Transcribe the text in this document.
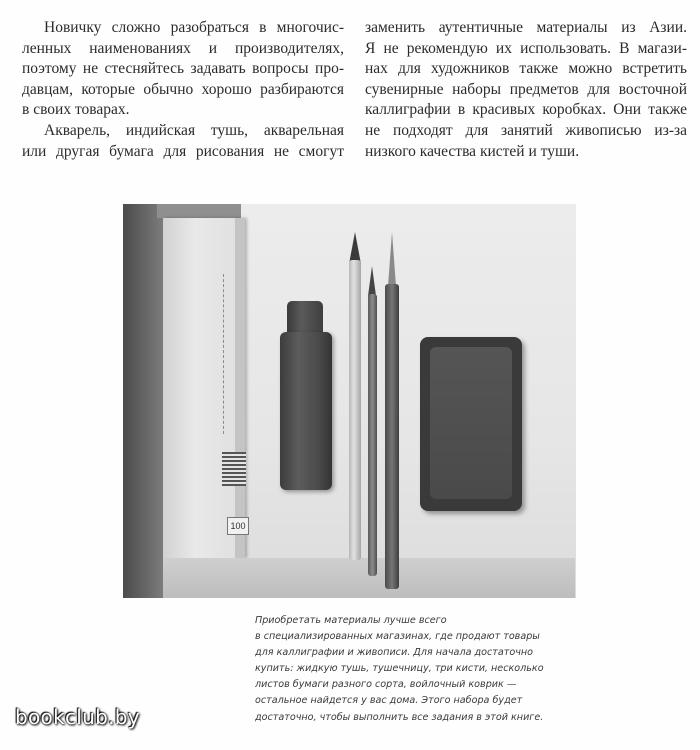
Новичку сложно разобраться в многочис-
ленных наименованиях и производителях,
поэтому не стесняйтесь задавать вопросы про-
давцам, которые обычно хорошо разбираются
в своих товарах.
Акварель, индийская тушь, акварельная
или другая бумага для рисования не смогут
заменить аутентичные материалы из Азии.
Я не рекомендую их использовать. В магази-
нах для художников также можно встретить
сувенирные наборы предметов для восточной
каллиграфии в красивых коробках. Они также
не подходят для занятий живописью из-за
низкого качества кистей и туши.
100
Приобретать материалы лучше всего
в специализированных магазинах, где продают товары
для каллиграфии и живописи. Для начала достаточно
купить: жидкую тушь, тушечницу, три кисти, несколько
листов бумаги разного сорта, войлочный коврик —
остальное найдется у вас дома. Этого набора будет
достаточно, чтобы выполнить все задания в этой книге.
bookclub.by
